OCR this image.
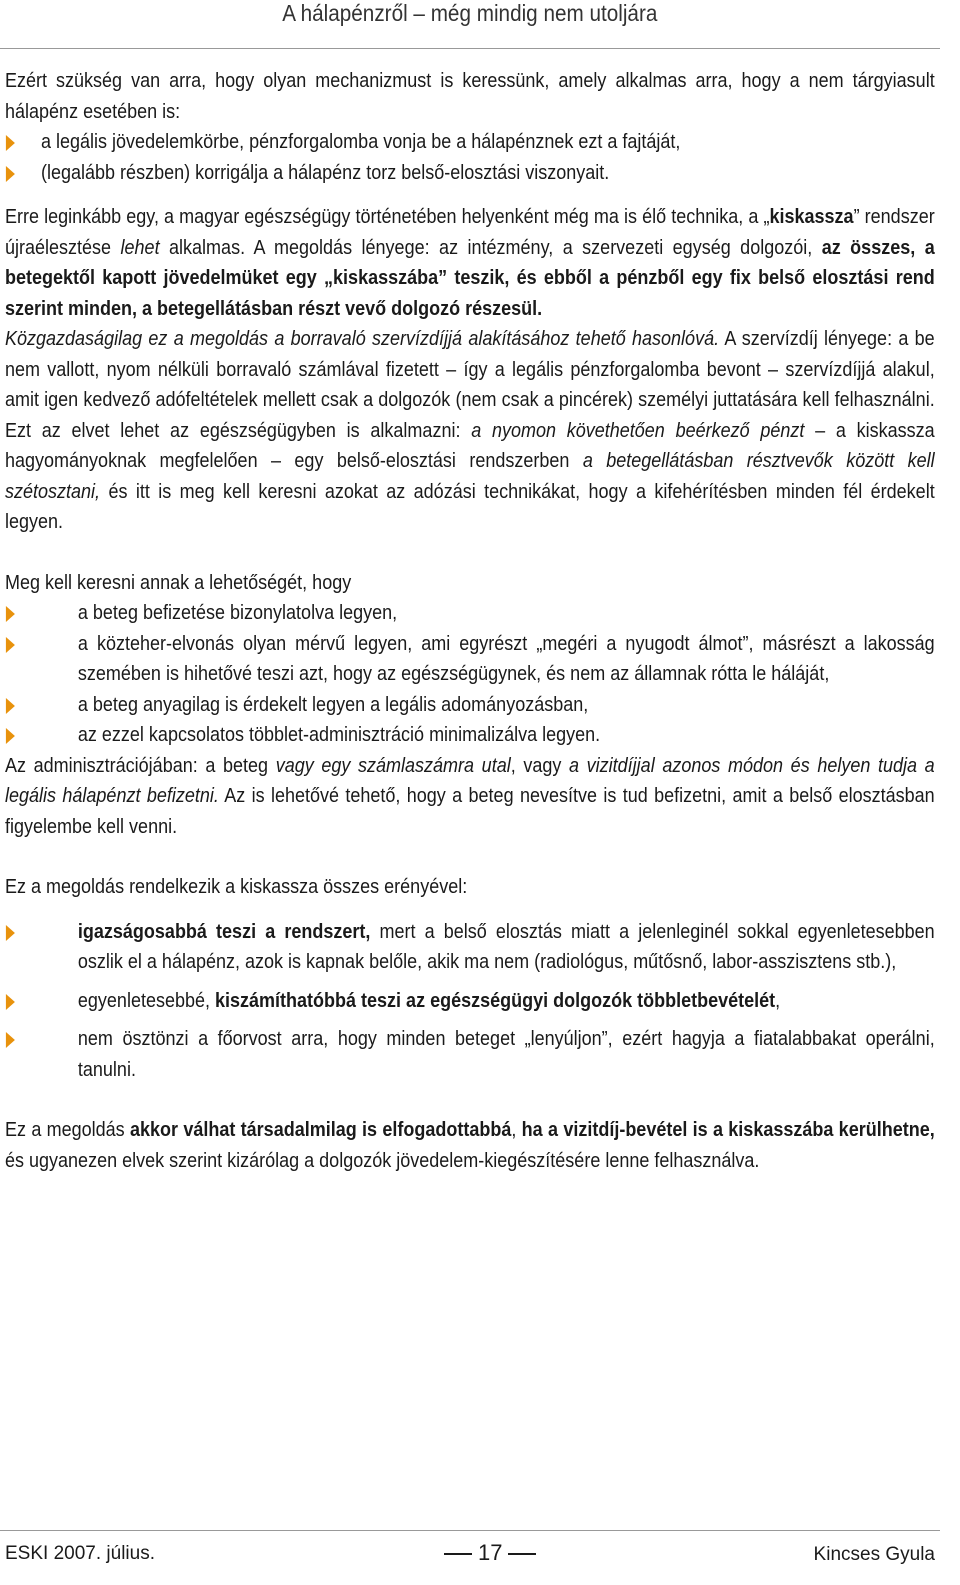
A hálapénzről – még mindig nem utoljára

Ezért szükség van arra, hogy olyan mechanizmust is keressünk, amely alkalmas arra, hogy a nem tárgyiasult hálapénz esetében is:

a legális jövedelemkörbe, pénzforgalomba vonja be a hálapénznek ezt a fajtáját,
(legalább részben) korrigálja a hálapénz torz belső-elosztási viszonyait.

Erre leginkább egy, a magyar egészségügy történetében helyenként még ma is élő technika, a „kiskassza” rendszer újraélesztése lehet alkalmas. A megoldás lényege: az intézmény, a szervezeti egység dolgozói, az összes, a betegektől kapott jövedelmüket egy „kiskasszába” teszik, és ebből a pénzből egy fix belső elosztási rend szerint minden, a betegellátásban részt vevő dolgozó részesül.
Közgazdaságilag ez a megoldás a borravaló szervízdíjjá alakításához tehető hasonlóvá. A szervízdíj lényege: a be nem vallott, nyom nélküli borravaló számlával fizetett – így a legális pénzforgalomba bevont – szervízdíjjá alakul, amit igen kedvező adófeltételek mellett csak a dolgozók (nem csak a pincérek) személyi juttatására kell felhasználni. Ezt az elvet lehet az egészségügyben is alkalmazni: a nyomon követhetően beérkező pénzt – a kiskassza hagyományoknak megfelelően – egy belső-elosztási rendszerben a betegellátásban résztvevők között kell szétosztani, és itt is meg kell keresni azokat az adózási technikákat, hogy a kifehérítésben minden fél érdekelt legyen.

Meg kell keresni annak a lehetőségét, hogy

a beteg befizetése bizonylatolva legyen,
a közteher-elvonás olyan mérvű legyen, ami egyrészt „megéri a nyugodt álmot”, másrészt a lakosság szemében is hihetővé teszi azt, hogy az egészségügynek, és nem az államnak rótta le háláját,
a beteg anyagilag is érdekelt legyen a legális adományozásban,
az ezzel kapcsolatos többlet-adminisztráció minimalizálva legyen.

Az adminisztrációjában: a beteg vagy egy számlaszámra utal, vagy a vizitdíjjal azonos módon és helyen tudja a legális hálapénzt befizetni. Az is lehetővé tehető, hogy a beteg nevesítve is tud befizetni, amit a belső elosztásban figyelembe kell venni.

Ez a megoldás rendelkezik a kiskassza összes erényével:

igazságosabbá teszi a rendszert, mert a belső elosztás miatt a jelenleginél sokkal egyenletesebben oszlik el a hálapénz, azok is kapnak belőle, akik ma nem (radiológus, műtősnő, labor-asszisztens stb.),
egyenletesebbé, kiszámíthatóbbá teszi az egészségügyi dolgozók többletbevételét,
nem ösztönzi a főorvost arra, hogy minden beteget „lenyúljon”, ezért hagyja a fiatalabbakat operálni, tanulni.

Ez a megoldás akkor válhat társadalmilag is elfogadottabbá, ha a vizitdíj-bevétel is a kiskasszába kerülhetne, és ugyanezen elvek szerint kizárólag a dolgozók jövedelem-kiegészítésére lenne felhasználva.

ESKI 2007. július.	17	Kincses Gyula
